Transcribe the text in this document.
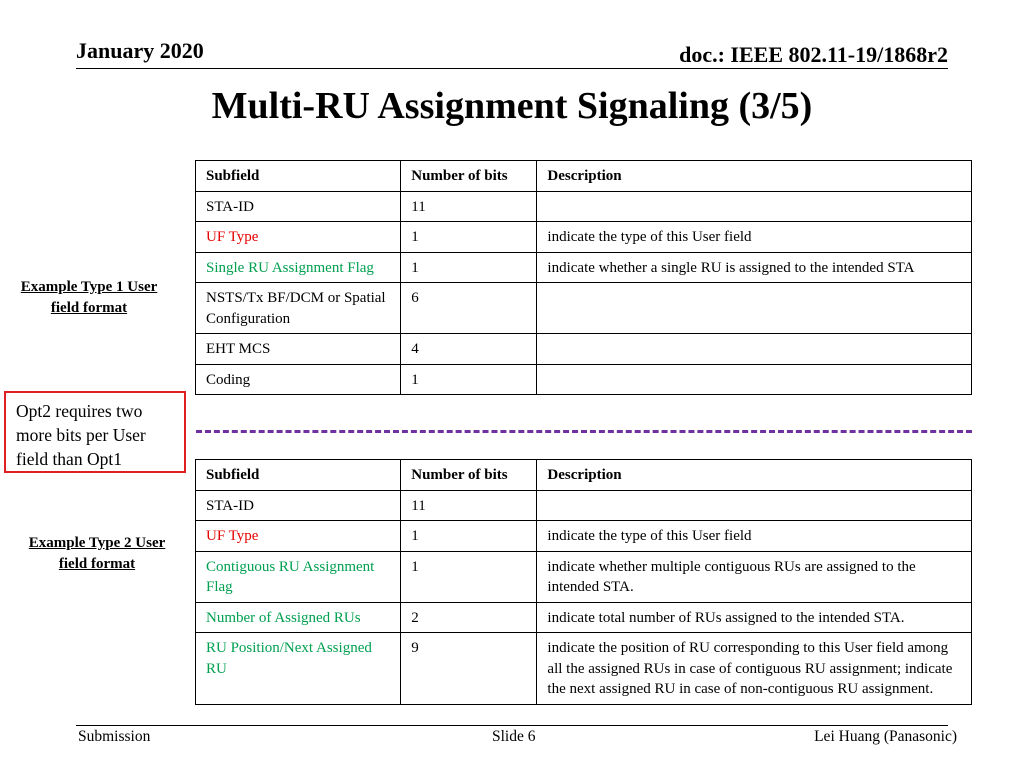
January 2020	doc.: IEEE 802.11-19/1868r2
Multi-RU Assignment Signaling (3/5)
Subfield	Number of bits	Description
STA-ID	11	
UF Type	1	indicate the type of this User field
Single RU Assignment Flag	1	indicate whether a single RU is assigned to the intended STA
NSTS/Tx BF/DCM or Spatial Configuration	6	
EHT MCS	4	
Coding	1	
Example Type 1 User field format
Opt2 requires two more bits per User field than Opt1
Subfield	Number of bits	Description
STA-ID	11	
UF Type	1	indicate the type of this User field
Contiguous RU Assignment Flag	1	indicate whether multiple contiguous RUs are assigned to the intended STA.
Number of Assigned RUs	2	indicate total number of RUs assigned to the intended STA.
RU Position/Next Assigned RU	9	indicate the position of RU corresponding to this User field among all the assigned RUs in case of contiguous RU assignment; indicate the next assigned RU in case of non-contiguous RU assignment.
Example Type 2 User field format
Submission	Slide 6	Lei Huang (Panasonic)
